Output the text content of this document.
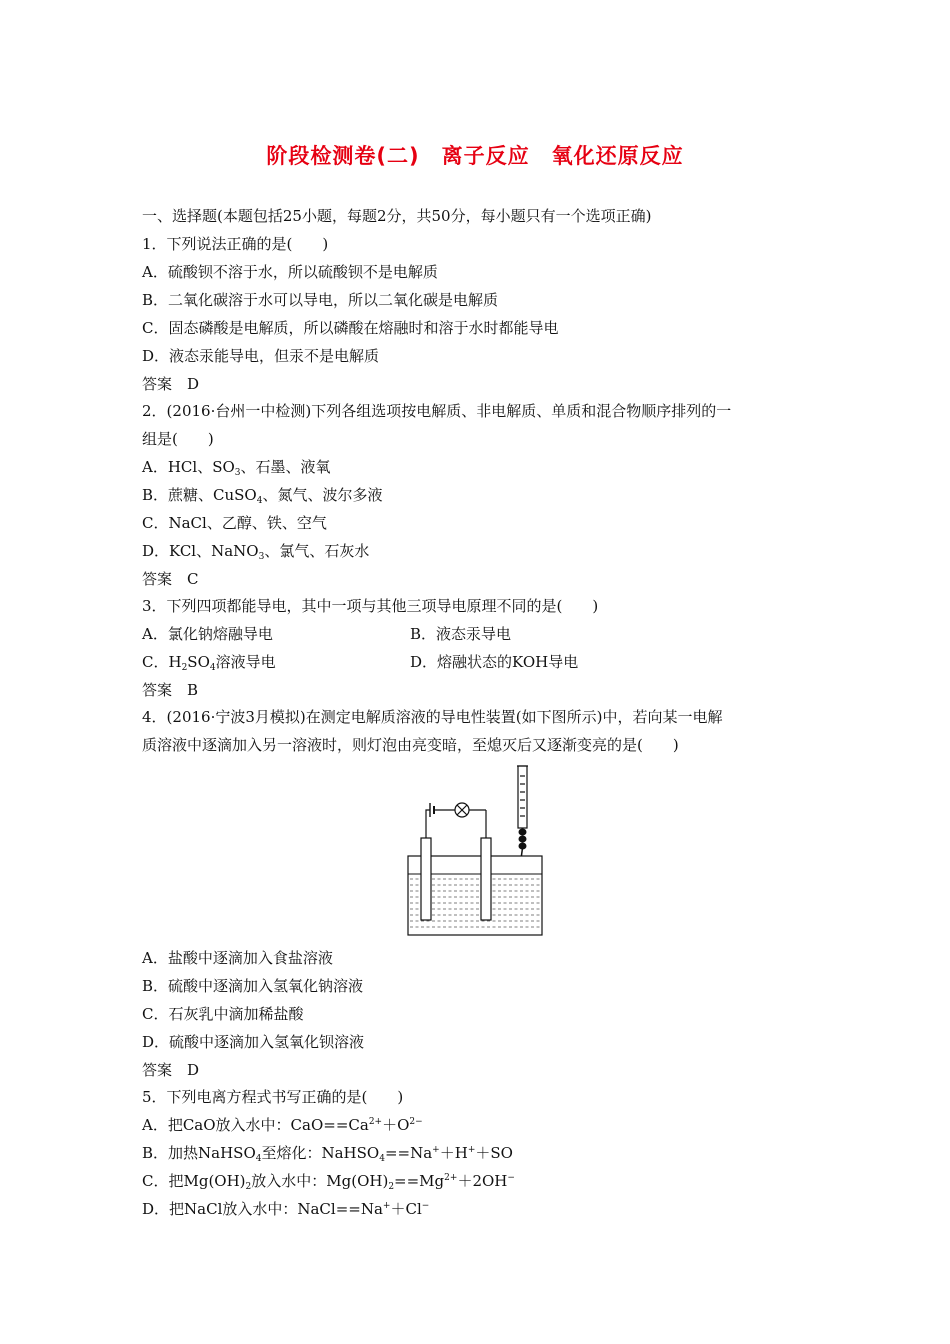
阶段检测卷(二)　离子反应　氧化还原反应
一、选择题(本题包括25小题，每题2分，共50分，每小题只有一个选项正确)
1．下列说法正确的是(　　)
A．硫酸钡不溶于水，所以硫酸钡不是电解质
B．二氧化碳溶于水可以导电，所以二氧化碳是电解质
C．固态磷酸是电解质，所以磷酸在熔融时和溶于水时都能导电
D．液态汞能导电，但汞不是电解质
答案　D
2．(2016·台州一中检测)下列各组选项按电解质、非电解质、单质和混合物顺序排列的一
组是(　　)
A．HCl、$SO_3$、石墨、液氧
B．蔗糖、CuSO$_4$、氮气、波尔多液
C．NaCl、乙醇、铁、空气
D．KCl、NaNO$_3$、氯气、石灰水
答案　C
3．下列四项都能导电，其中一项与其他三项导电原理不同的是(　　)
A．氯化钠熔融导电	B．液态汞导电
C．$H_2SO_4$溶液导电	D．熔融状态的KOH导电
答案　B
4．(2016·宁波3月模拟)在测定电解质溶液的导电性装置(如下图所示)中，若向某一电解
质溶液中逐滴加入另一溶液时，则灯泡由亮变暗，至熄灭后又逐渐变亮的是(　　)
A．盐酸中逐滴加入食盐溶液
B．硫酸中逐滴加入氢氧化钠溶液
C．石灰乳中滴加稀盐酸
D．硫酸中逐滴加入氢氧化钡溶液
答案　D
5．下列电离方程式书写正确的是(　　)
A．把CaO放入水中：$CaO==Ca^{2+}+O^{2-}$
B．加热NaHSO$_4$至熔化：NaHSO$_4$==Na+＋H+＋SO
C．把$Mg(OH)_2$放入水中：$Mg(OH)_2==Mg^{2+}+2OH^-$
D．把NaCl放入水中：NaCl==Na+＋Cl−
